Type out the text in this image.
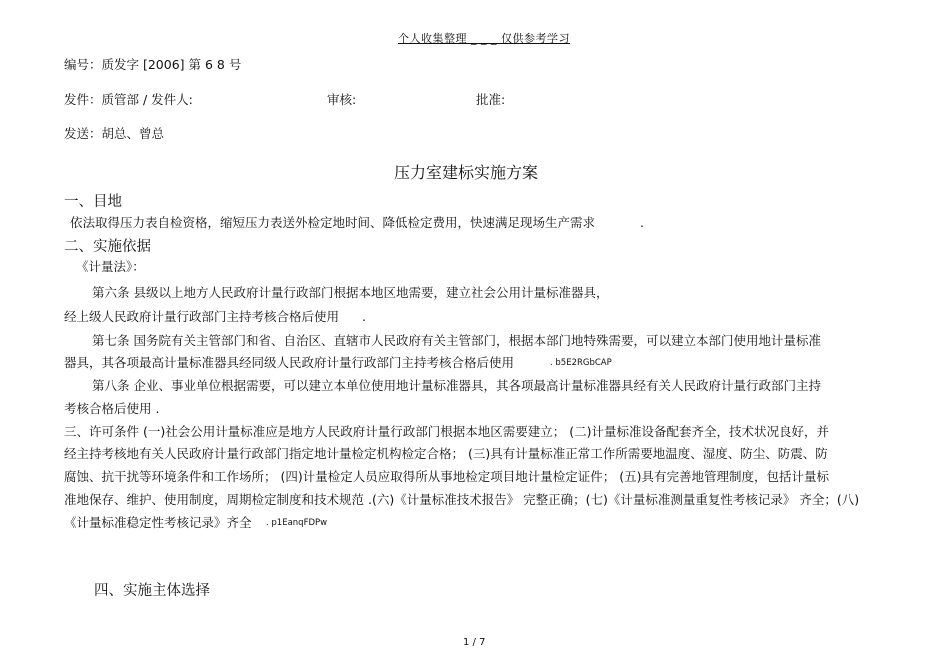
个人收集整理 _ _ _ 仅供参考学习
编号：质发字 [2006] 第 6 8 号
发件：质管部 / 发件人:	审核:	批准:
发送：胡总、曾总
压力室建标实施方案
一、目地
依法取得压力表自检资格，缩短压力表送外检定地时间、降低检定费用，快速满足现场生产需求	.
二、实施依据
《计量法》：
第六条 县级以上地方人民政府计量行政部门根据本地区地需要，建立社会公用计量标准器具，
经上级人民政府计量行政部门主持考核合格后使用 .
第七条 国务院有关主管部门和省、自治区、直辖市人民政府有关主管部门，根据本部门地特殊需要，可以建立本部门使用地计量标准
器具，其各项最高计量标准器具经同级人民政府计量行政部门主持考核合格后使用	. b5E2RGbCAP
第八条 企业、事业单位根据需要，可以建立本单位使用地计量标准器具，其各项最高计量标准器具经有关人民政府计量行政部门主持
考核合格后使用 .
三、许可条件 (一)社会公用计量标准应是地方人民政府计量行政部门根据本地区需要建立； (二)计量标准设备配套齐全，技术状况良好，并
经主持考核地有关人民政府计量行政部门指定地计量检定机构检定合格； (三)具有计量标准正常工作所需要地温度、湿度、防尘、防震、防
腐蚀、抗干扰等环境条件和工作场所； (四)计量检定人员应取得所从事地检定项目地计量检定证件； (五)具有完善地管理制度，包括计量标
准地保存、维护、使用制度，周期检定制度和技术规范 .(六)《计量标准技术报告》 完整正确；(七)《计量标准测量重复性考核记录》 齐全；(八)
《计量标准稳定性考核记录》齐全 . p1EanqFDPw
四、实施主体选择
1 / 7
